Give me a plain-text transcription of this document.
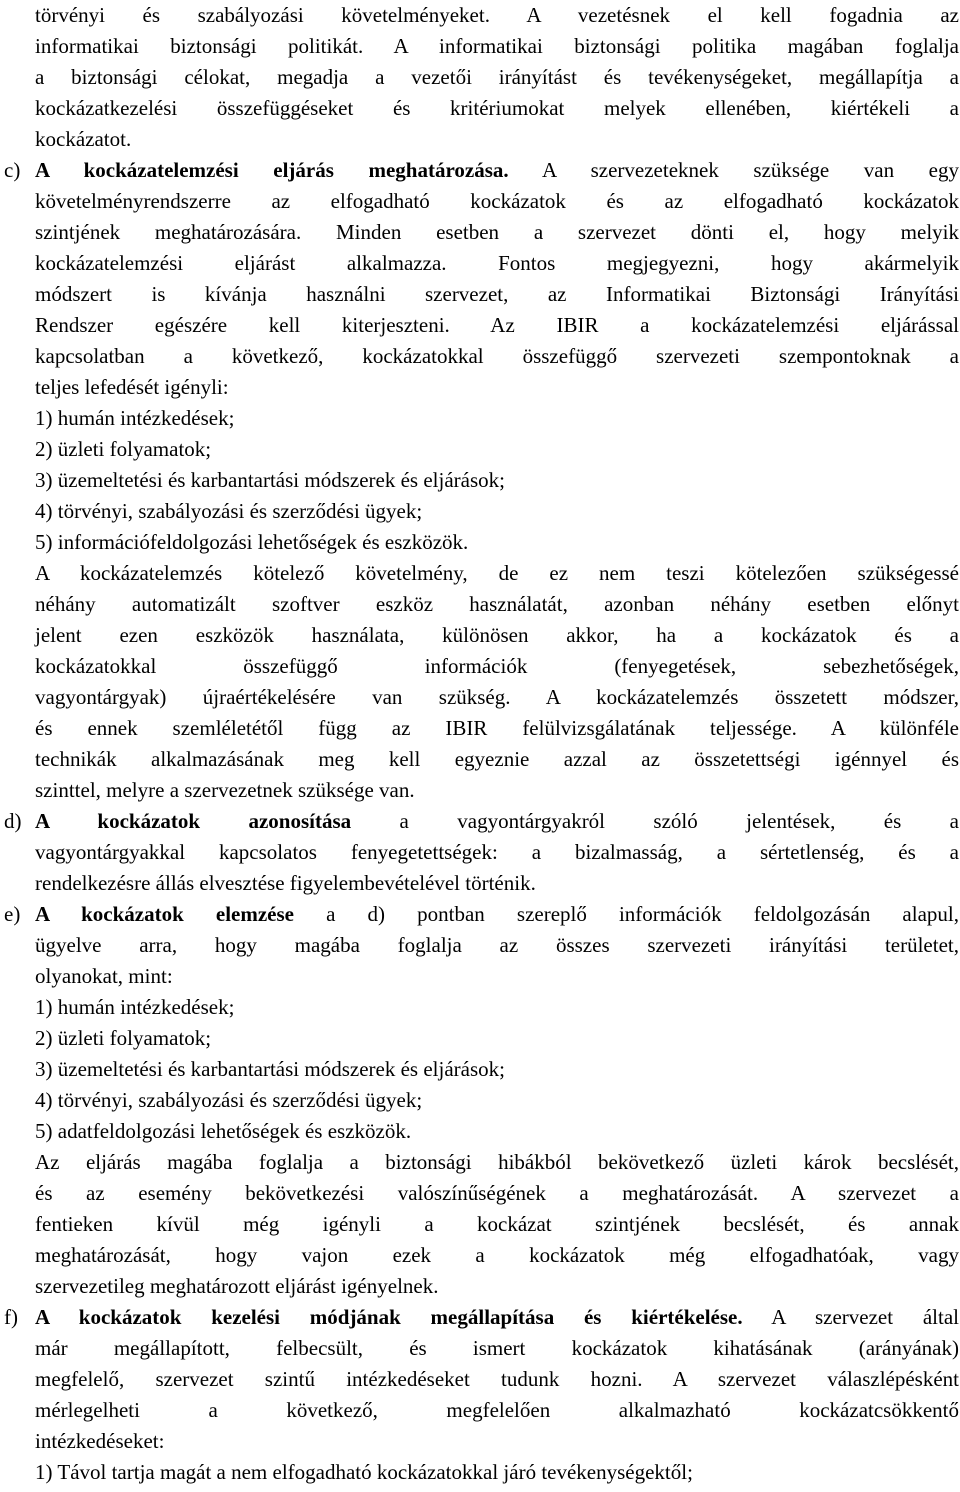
törvényi és szabályozási követelményeket. A vezetésnek el kell fogadnia az
informatikai biztonsági politikát. A informatikai biztonsági politika magában foglalja
a biztonsági célokat, megadja a vezetői irányítást és tevékenységeket, megállapítja a
kockázatkezelési összefüggéseket és kritériumokat melyek ellenében, kiértékeli a
kockázatot.
c) A kockázatelemzési eljárás meghatározása. A szervezeteknek szüksége van egy
követelményrendszerre az elfogadható kockázatok és az elfogadható kockázatok
szintjének meghatározására. Minden esetben a szervezet dönti el, hogy melyik
kockázatelemzési eljárást alkalmazza. Fontos megjegyezni, hogy akármelyik
módszert is kívánja használni szervezet, az Informatikai Biztonsági Irányítási
Rendszer egészére kell kiterjeszteni. Az IBIR a kockázatelemzési eljárással
kapcsolatban a következő, kockázatokkal összefüggő szervezeti szempontoknak a
teljes lefedését igényli:
1) humán intézkedések;
2) üzleti folyamatok;
3) üzemeltetési és karbantartási módszerek és eljárások;
4) törvényi, szabályozási és szerződési ügyek;
5) információfeldolgozási lehetőségek és eszközök.
A kockázatelemzés kötelező követelmény, de ez nem teszi kötelezően szükségessé
néhány automatizált szoftver eszköz használatát, azonban néhány esetben előnyt
jelent ezen eszközök használata, különösen akkor, ha a kockázatok és a
kockázatokkal összefüggő információk (fenyegetések, sebezhetőségek,
vagyontárgyak) újraértékelésére van szükség. A kockázatelemzés összetett módszer,
és ennek szemléletétől függ az IBIR felülvizsgálatának teljessége. A különféle
technikák alkalmazásának meg kell egyeznie azzal az összetettségi igénnyel és
szinttel, melyre a szervezetnek szüksége van.
d) A kockázatok azonosítása a vagyontárgyakról szóló jelentések, és a
vagyontárgyakkal kapcsolatos fenyegetettségek: a bizalmasság, a sértetlenség, és a
rendelkezésre állás elvesztése figyelembevételével történik.
e) A kockázatok elemzése a d) pontban szereplő információk feldolgozásán alapul,
ügyelve arra, hogy magába foglalja az összes szervezeti irányítási területet,
olyanokat, mint:
1) humán intézkedések;
2) üzleti folyamatok;
3) üzemeltetési és karbantartási módszerek és eljárások;
4) törvényi, szabályozási és szerződési ügyek;
5) adatfeldolgozási lehetőségek és eszközök.
Az eljárás magába foglalja a biztonsági hibákból bekövetkező üzleti károk becslését,
és az esemény bekövetkezési valószínűségének a meghatározását. A szervezet a
fentieken kívül még igényli a kockázat szintjének becslését, és annak
meghatározását, hogy vajon ezek a kockázatok még elfogadhatóak, vagy
szervezetileg meghatározott eljárást igényelnek.
f) A kockázatok kezelési módjának megállapítása és kiértékelése. A szervezet által
már megállapított, felbecsült, és ismert kockázatok kihatásának (arányának)
megfelelő, szervezet szintű intézkedéseket tudunk hozni. A szervezet válaszlépésként
mérlegelheti a következő, megfelelően alkalmazható kockázatcsökkentő
intézkedéseket:
1) Távol tartja magát a nem elfogadható kockázatokkal járó tevékenységektől;
